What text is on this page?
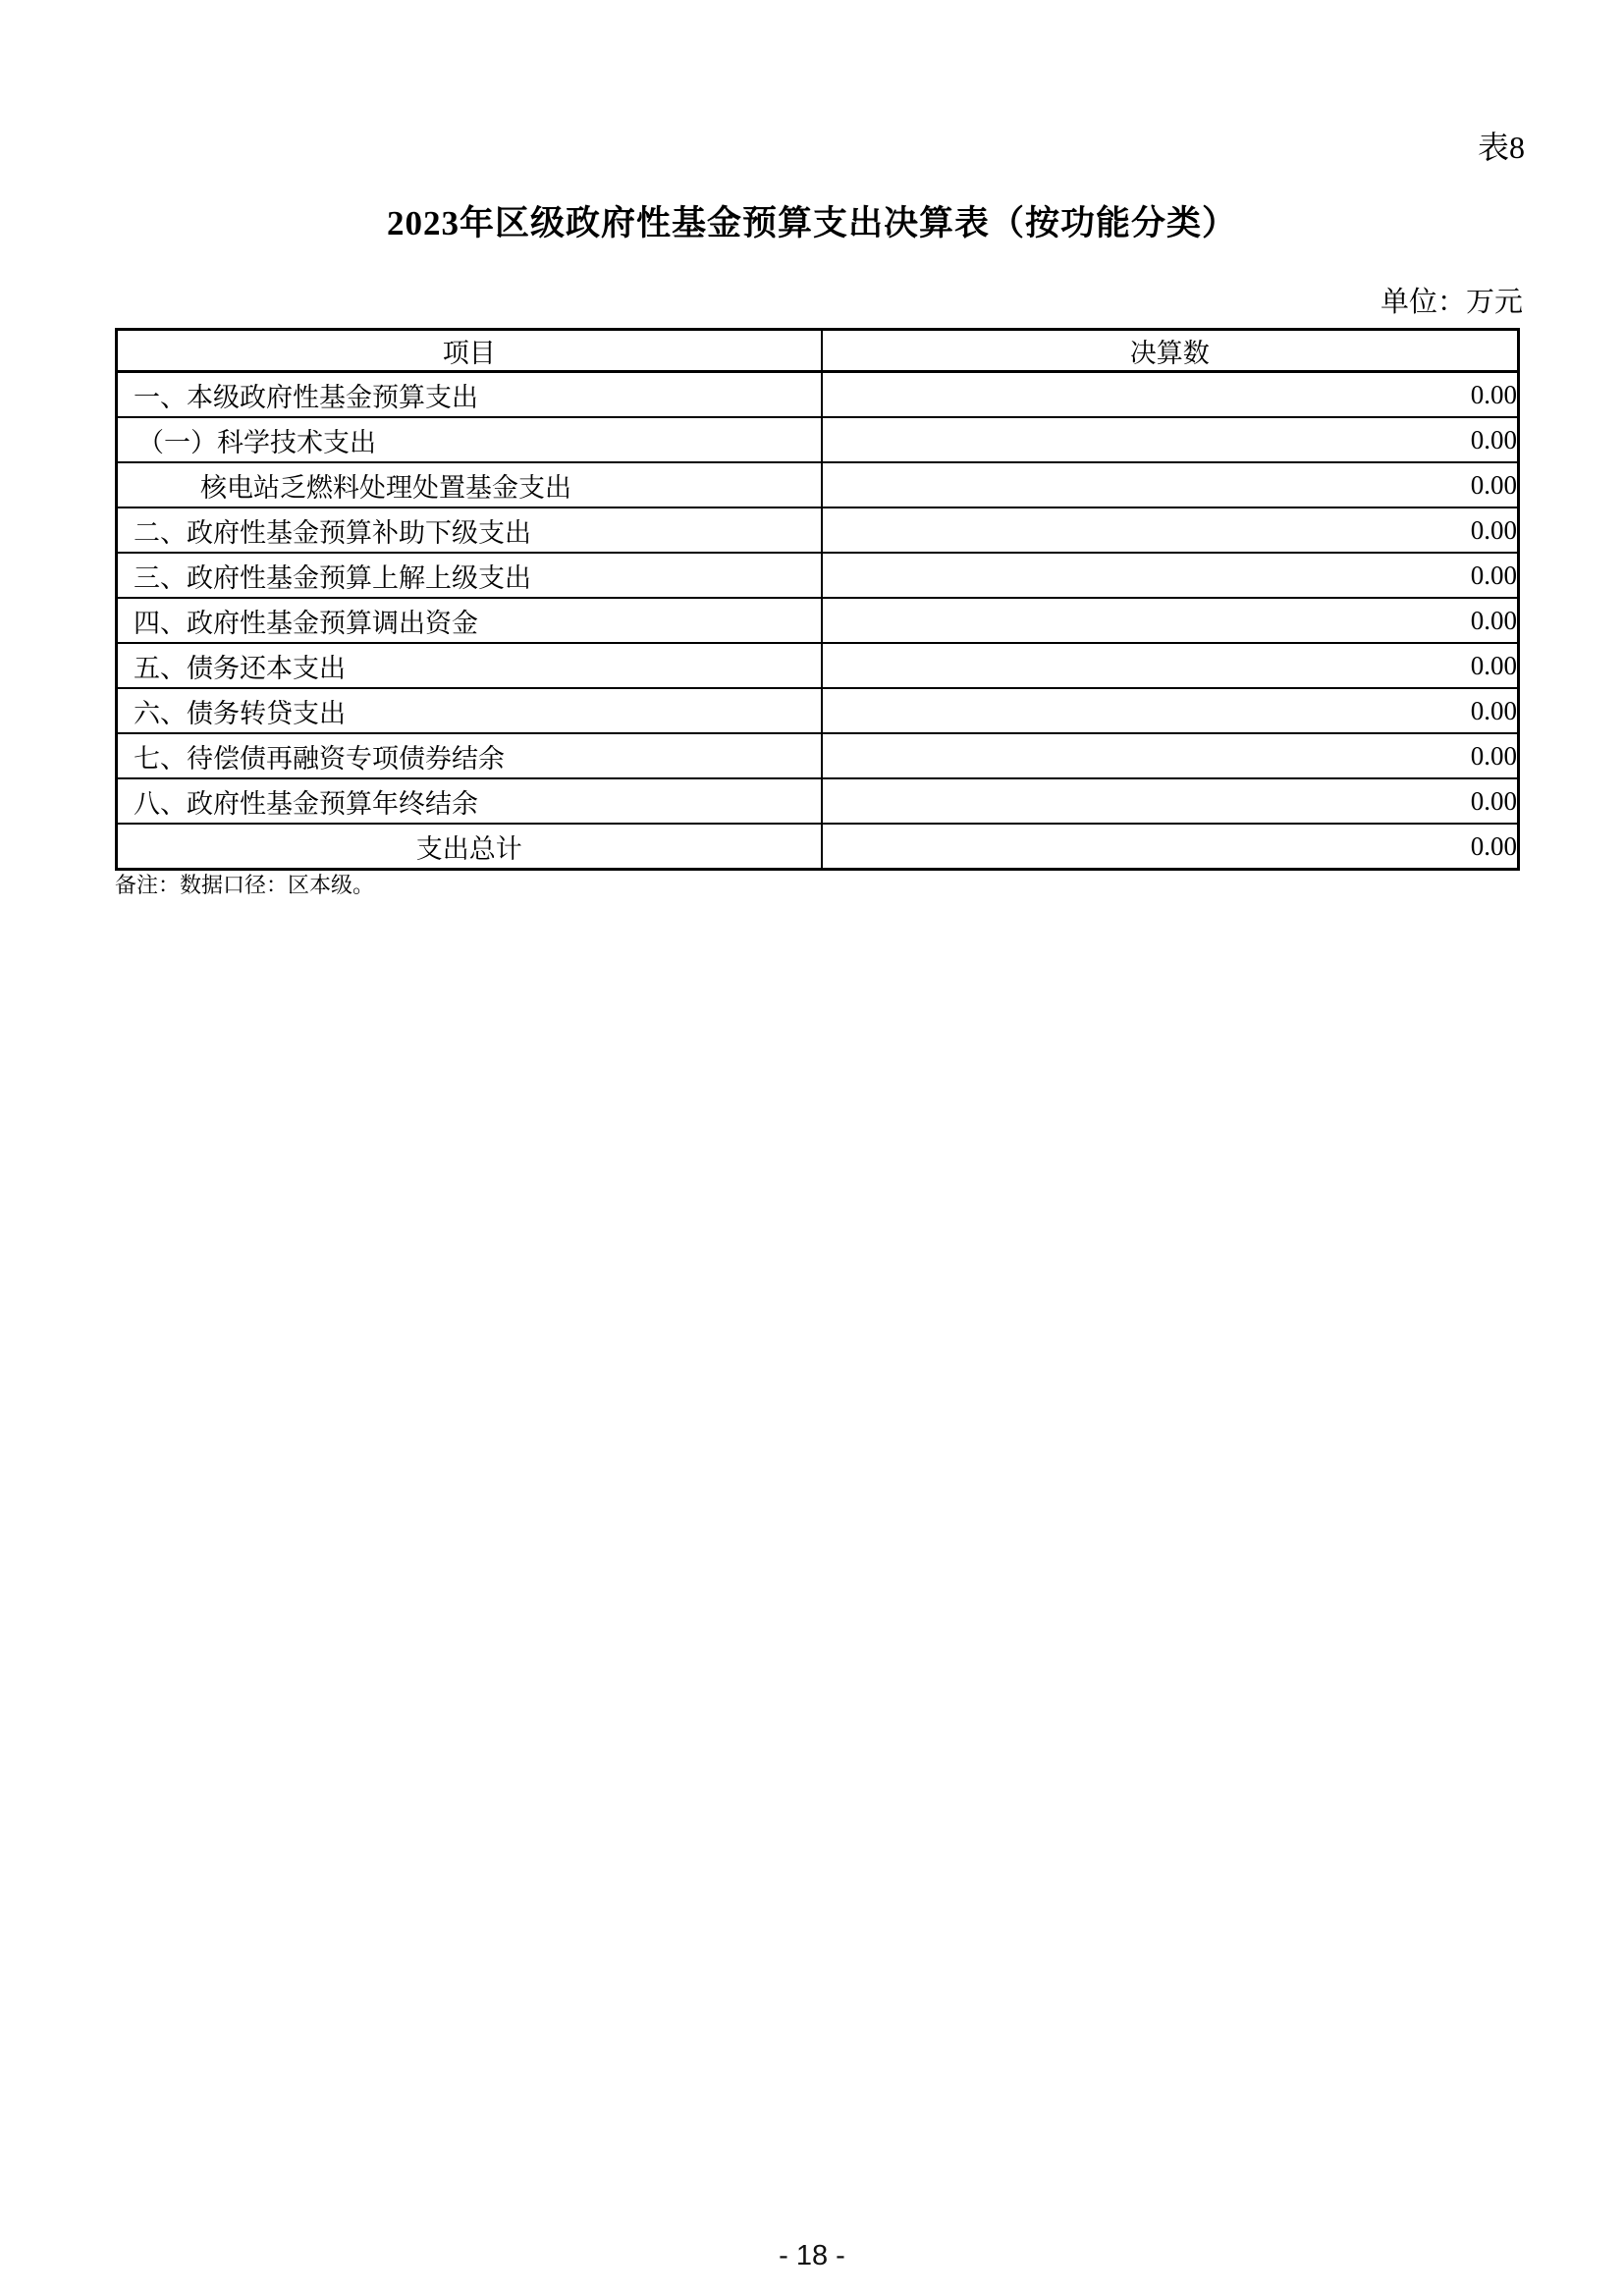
表8
2023年区级政府性基金预算支出决算表（按功能分类）
单位：万元
项目	决算数
一、本级政府性基金预算支出	0.00
（一）科学技术支出	0.00
核电站乏燃料处理处置基金支出	0.00
二、政府性基金预算补助下级支出	0.00
三、政府性基金预算上解上级支出	0.00
四、政府性基金预算调出资金	0.00
五、债务还本支出	0.00
六、债务转贷支出	0.00
七、待偿债再融资专项债券结余	0.00
八、政府性基金预算年终结余	0.00
支出总计	0.00
备注：数据口径：区本级。
- 18 -
